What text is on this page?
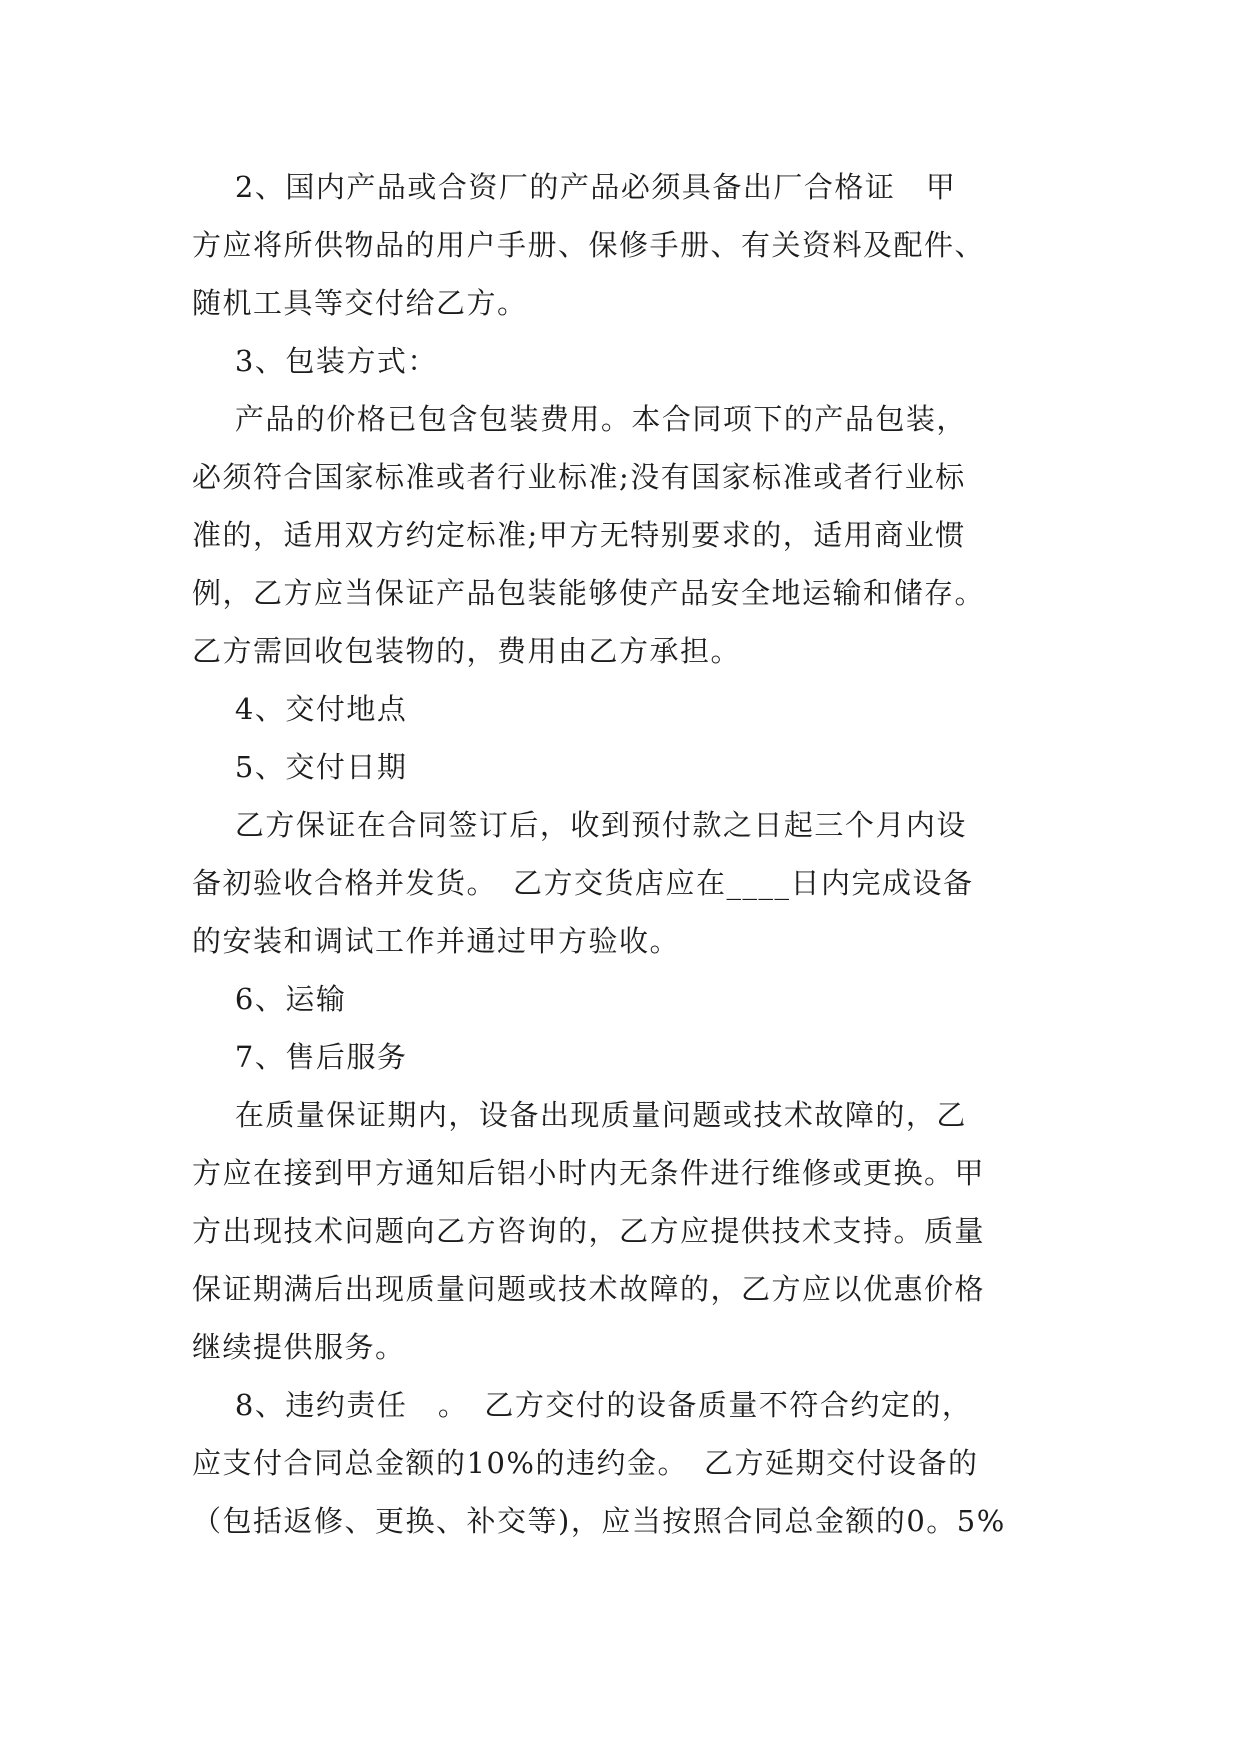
2、国内产品或合资厂的产品必须具备出厂合格证　甲
方应将所供物品的用户手册、保修手册、有关资料及配件、
随机工具等交付给乙方。
3、包装方式：
产品的价格已包含包装费用。本合同项下的产品包装，
必须符合国家标准或者行业标准;没有国家标准或者行业标
准的，适用双方约定标准;甲方无特别要求的，适用商业惯
例，乙方应当保证产品包装能够使产品安全地运输和储存。
乙方需回收包装物的，费用由乙方承担。
4、交付地点
5、交付日期
乙方保证在合同签订后，收到预付款之日起三个月内设
备初验收合格并发货。　乙方交货店应在____日内完成设备
的安装和调试工作并通过甲方验收。
6、运输
7、售后服务
在质量保证期内，设备出现质量问题或技术故障的，乙
方应在接到甲方通知后铝小时内无条件进行维修或更换。甲
方出现技术问题向乙方咨询的，乙方应提供技术支持。质量
保证期满后出现质量问题或技术故障的，乙方应以优惠价格
继续提供服务。
8、违约责任　。　乙方交付的设备质量不符合约定的，
应支付合同总金额的10%的违约金。　乙方延期交付设备的
（包括返修、更换、补交等)，应当按照合同总金额的0。5%
